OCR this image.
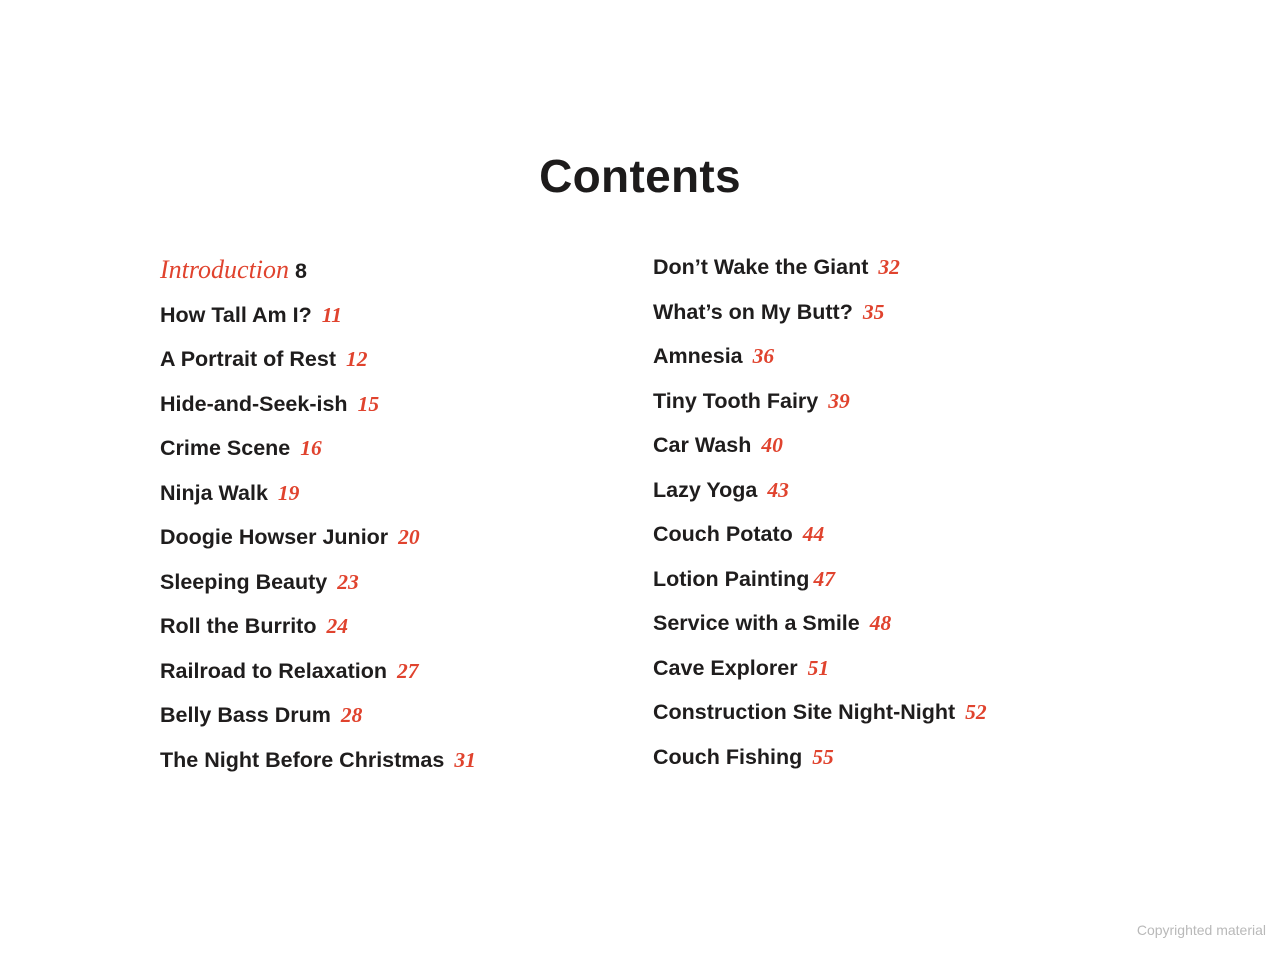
Contents
Introduction 8
How Tall Am I? 11
A Portrait of Rest 12
Hide-and-Seek-ish 15
Crime Scene 16
Ninja Walk 19
Doogie Howser Junior 20
Sleeping Beauty 23
Roll the Burrito 24
Railroad to Relaxation 27
Belly Bass Drum 28
The Night Before Christmas 31
Don’t Wake the Giant 32
What’s on My Butt? 35
Amnesia 36
Tiny Tooth Fairy 39
Car Wash 40
Lazy Yoga 43
Couch Potato 44
Lotion Painting 47
Service with a Smile 48
Cave Explorer 51
Construction Site Night-Night 52
Couch Fishing 55
Copyrighted material
